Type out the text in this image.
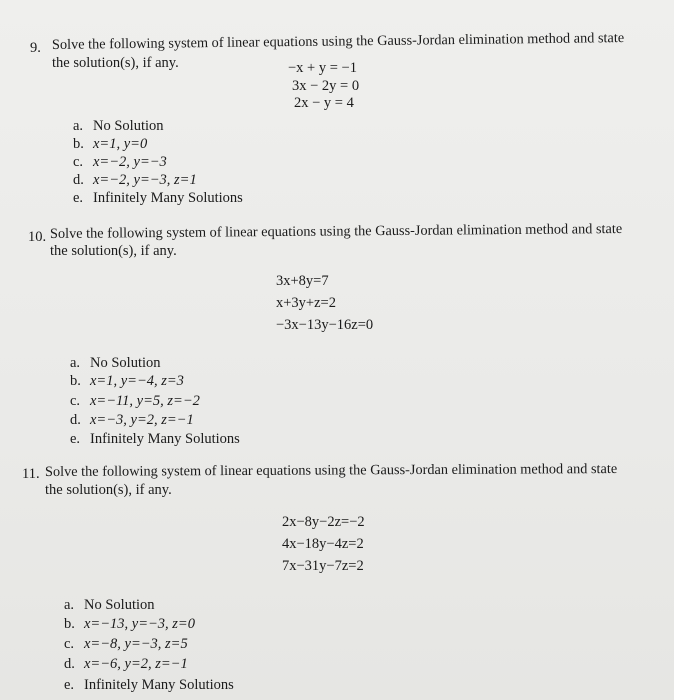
9. Solve the following system of linear equations using the Gauss-Jordan elimination method and state
the solution(s), if any.	−x + y = −1
3x − 2y = 0
2x − y = 4
a. No Solution
b. x=1, y=0
c. x=−2, y=−3
d. x=−2, y=−3, z=1
e. Infinitely Many Solutions
10. Solve the following system of linear equations using the Gauss-Jordan elimination method and state
the solution(s), if any.
3x+8y=7
x+3y+z=2
−3x−13y−16z=0
a. No Solution
b. x=1, y=−4, z=3
c. x=−11, y=5, z=−2
d. x=−3, y=2, z=−1
e. Infinitely Many Solutions
11. Solve the following system of linear equations using the Gauss-Jordan elimination method and state
the solution(s), if any.
2x−8y−2z=−2
4x−18y−4z=2
7x−31y−7z=2
a. No Solution
b. x=−13, y=−3, z=0
c. x=−8, y=−3, z=5
d. x=−6, y=2, z=−1
e. Infinitely Many Solutions
